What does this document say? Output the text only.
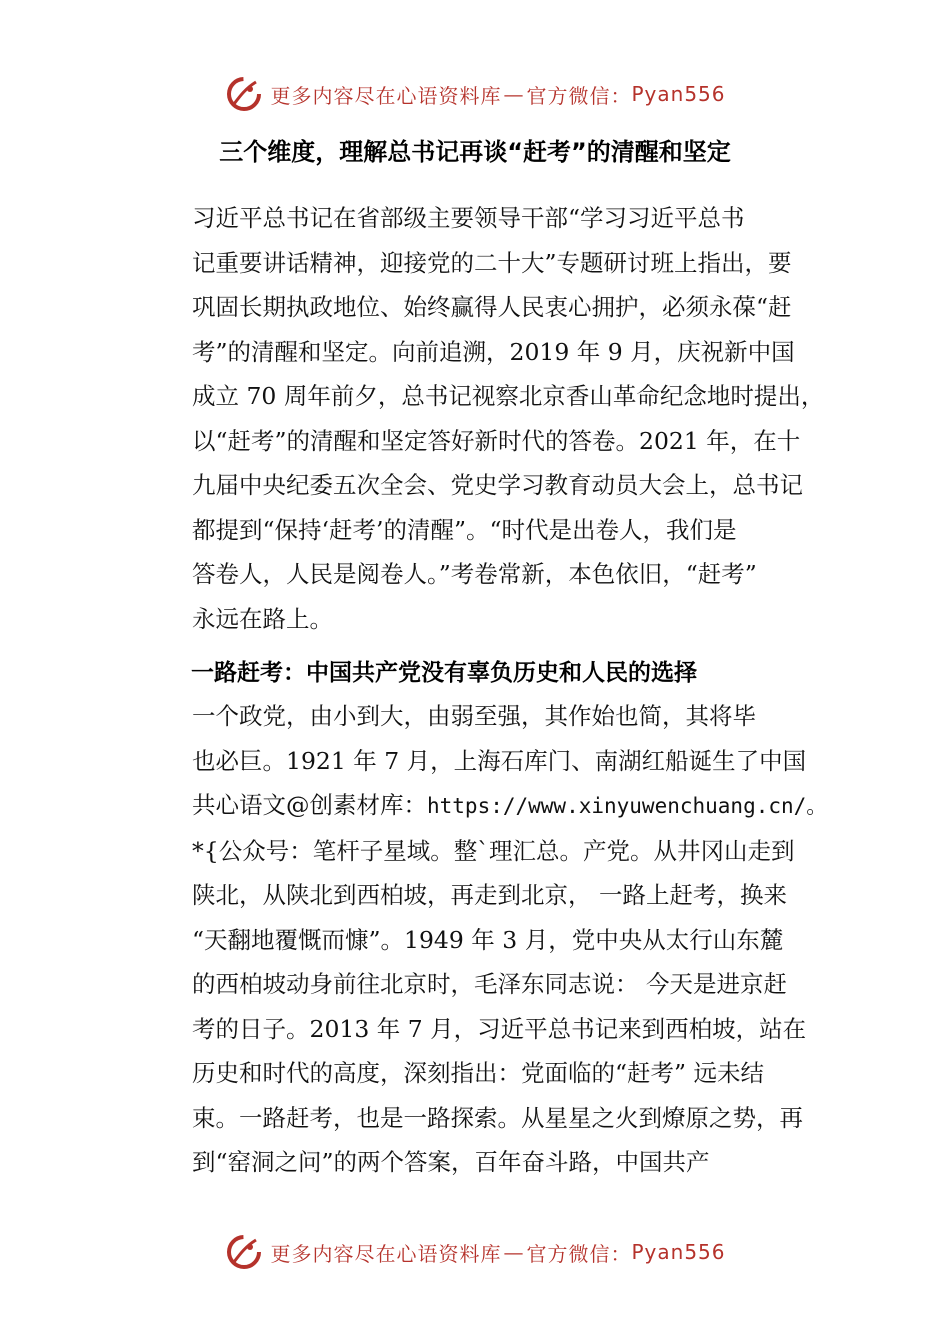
更多内容尽在心语资料库 — 官方微信： Pyan556
三个维度，理解总书记再谈“赶考”的清醒和坚定
习近平总书记在省部级主要领导干部“学习习近平总书
记重要讲话精神，迎接党的二十大”专题研讨班上指出，要
巩固长期执政地位、始终赢得人民衷心拥护，必须永葆“赶
考”的清醒和坚定。向前追溯，2019 年 9 月，庆祝新中国
成立 70 周年前夕，总书记视察北京香山革命纪念地时提出，
以“赶考”的清醒和坚定答好新时代的答卷。2021 年，在十
九届中央纪委五次全会、党史学习教育动员大会上，总书记
都提到“保持‘赶考’的清醒”。“时代是出卷人，我们是
答卷人，人民是阅卷人。”考卷常新，本色依旧，“赶考”
永远在路上。
一路赶考：中国共产党没有辜负历史和人民的选择
一个政党，由小到大，由弱至强，其作始也简，其将毕
也必巨。1921 年 7 月，上海石库门、南湖红船诞生了中国
共心语文@创素材库：https://www.xinyuwenchuang.cn/。
*{公众号：笔杆子星域。整`理汇总。产党。从井冈山走到
陕北，从陕北到西柏坡，再走到北京， 一路上赶考，换来
“天翻地覆慨而慷”。1949 年 3 月，党中央从太行山东麓
的西柏坡动身前往北京时，毛泽东同志说： 今天是进京赶
考的日子。2013 年 7 月，习近平总书记来到西柏坡，站在
历史和时代的高度，深刻指出：党面临的“赶考” 远未结
束。一路赶考，也是一路探索。从星星之火到燎原之势，再
到“窑洞之问”的两个答案，百年奋斗路，中国共产
更多内容尽在心语资料库 — 官方微信： Pyan556
